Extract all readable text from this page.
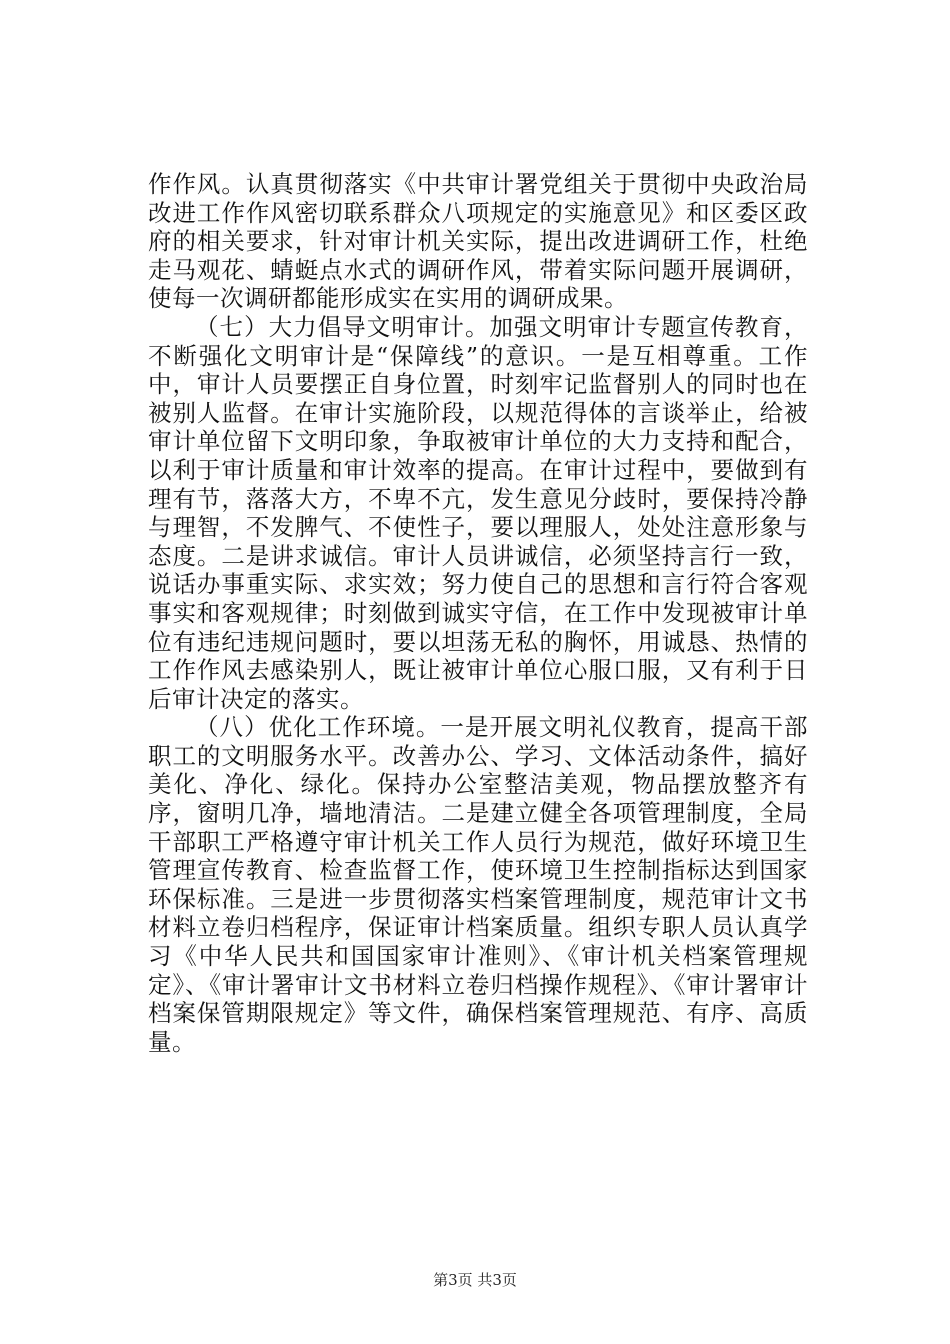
作作风。认真贯彻落实《中共审计署党组关于贯彻中央政治局改进工作作风密切联系群众八项规定的实施意见》和区委区政府的相关要求，针对审计机关实际，提出改进调研工作，杜绝走马观花、蜻蜓点水式的调研作风，带着实际问题开展调研，使每一次调研都能形成实在实用的调研成果。

（七）大力倡导文明审计。加强文明审计专题宣传教育，不断强化文明审计是“保障线”的意识。一是互相尊重。工作中，审计人员要摆正自身位置，时刻牢记监督别人的同时也在被别人监督。在审计实施阶段，以规范得体的言谈举止，给被审计单位留下文明印象，争取被审计单位的大力支持和配合，以利于审计质量和审计效率的提高。在审计过程中，要做到有理有节，落落大方，不卑不亢，发生意见分歧时，要保持冷静与理智，不发脾气、不使性子，要以理服人，处处注意形象与态度。二是讲求诚信。审计人员讲诚信，必须坚持言行一致，说话办事重实际、求实效；努力使自己的思想和言行符合客观事实和客观规律；时刻做到诚实守信，在工作中发现被审计单位有违纪违规问题时，要以坦荡无私的胸怀，用诚恳、热情的工作作风去感染别人，既让被审计单位心服口服，又有利于日后审计决定的落实。

（八）优化工作环境。一是开展文明礼仪教育，提高干部职工的文明服务水平。改善办公、学习、文体活动条件，搞好美化、净化、绿化。保持办公室整洁美观，物品摆放整齐有序，窗明几净，墙地清洁。二是建立健全各项管理制度，全局干部职工严格遵守审计机关工作人员行为规范，做好环境卫生管理宣传教育、检查监督工作，使环境卫生控制指标达到国家环保标准。三是进一步贯彻落实档案管理制度，规范审计文书材料立卷归档程序，保证审计档案质量。组织专职人员认真学习《中华人民共和国国家审计准则》、《审计机关档案管理规定》、《审计署审计文书材料立卷归档操作规程》、《审计署审计档案保管期限规定》等文件，确保档案管理规范、有序、高质量。

第3页 共3页
